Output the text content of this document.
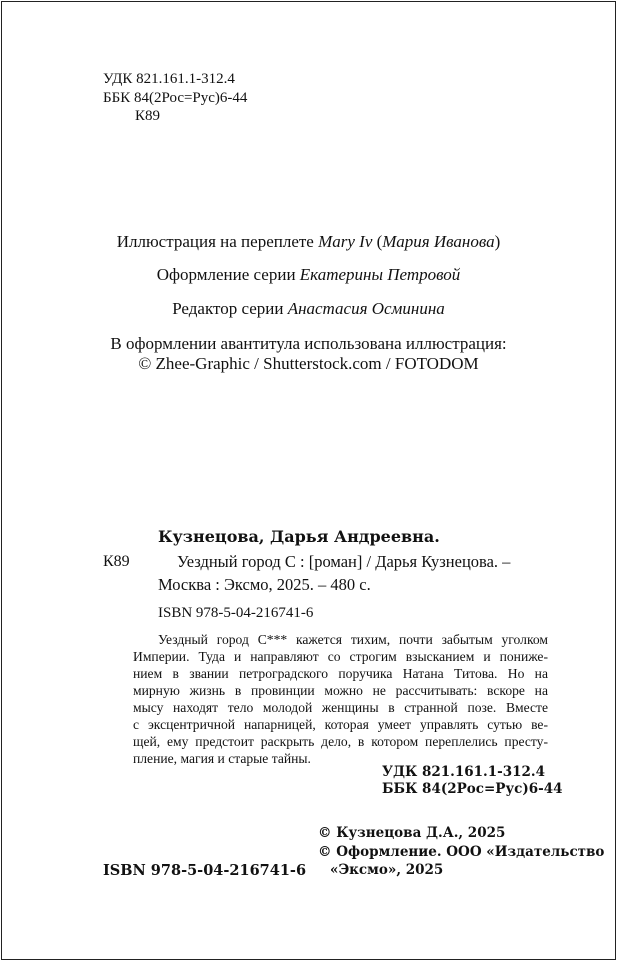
УДК 821.161.1-312.4
ББК 84(2Рос=Рус)6-44
К89
Иллюстрация на переплете Mary Iv (Мария Иванова)
Оформление серии Екатерины Петровой
Редактор серии Анастасия Осминина
В оформлении авантитула использована иллюстрация:
© Zhee-Graphic / Shutterstock.com / FOTODOM
Кузнецова, Дарья Андреевна.
К89	Уездный город С : [роман] / Дарья Кузнецова. –
Москва : Эксмо, 2025. – 480 с.
ISBN 978-5-04-216741-6
Уездный город С*** кажется тихим, почти забытым уголком
Империи. Туда и направляют со строгим взысканием и пониже-
нием в звании петроградского поручика Натана Титова. Но на
мирную жизнь в провинции можно не рассчитывать: вскоре на
мысу находят тело молодой женщины в странной позе. Вместе
с эксцентричной напарницей, которая умеет управлять сутью ве-
щей, ему предстоит раскрыть дело, в котором переплелись престу-
пление, магия и старые тайны.
УДК 821.161.1-312.4
ББК 84(2Рос=Рус)6-44
© Кузнецова Д.А., 2025
© Оформление. ООО «Издательство
«Эксмо», 2025
ISBN 978-5-04-216741-6
